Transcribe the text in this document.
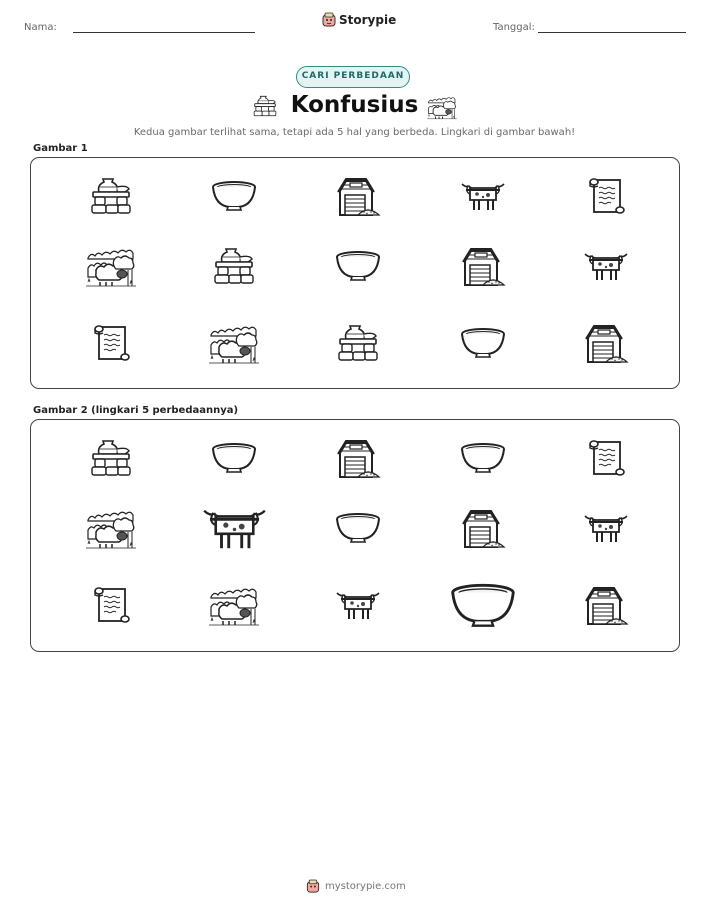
Nama:
Storypie
Tanggal:
CARI PERBEDAAN
Konfusius
Kedua gambar terlihat sama, tetapi ada 5 hal yang berbeda. Lingkari di gambar bawah!
Gambar 1
Gambar 2 (lingkari 5 perbedaannya)
mystorypie.com
